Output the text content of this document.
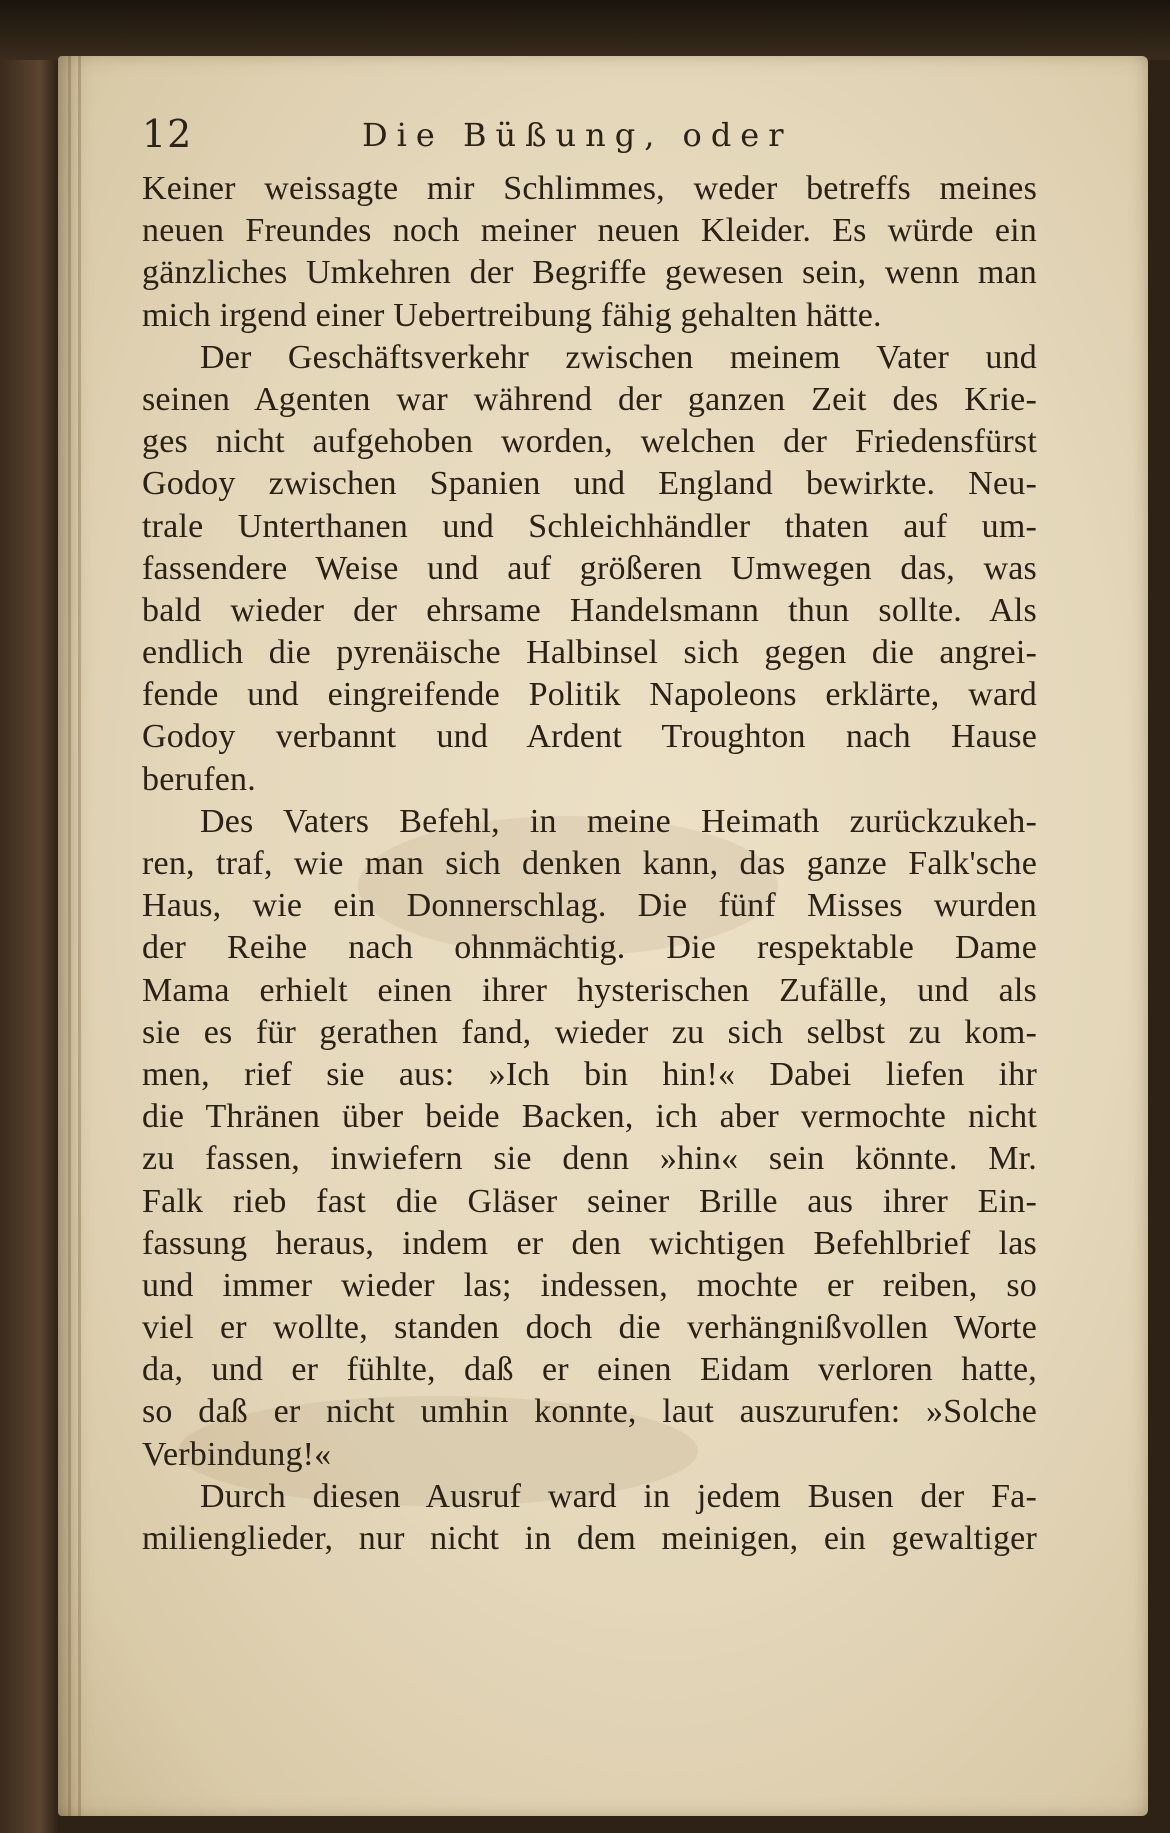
12	Die Büßung, oder
Keiner weissagte mir Schlimmes, weder betreffs meines
neuen Freundes noch meiner neuen Kleider. Es würde ein
gänzliches Umkehren der Begriffe gewesen sein, wenn man
mich irgend einer Uebertreibung fähig gehalten hätte.
Der Geschäftsverkehr zwischen meinem Vater und
seinen Agenten war während der ganzen Zeit des Krie-
ges nicht aufgehoben worden, welchen der Friedensfürst
Godoy zwischen Spanien und England bewirkte. Neu-
trale Unterthanen und Schleichhändler thaten auf um-
fassendere Weise und auf größeren Umwegen das, was
bald wieder der ehrsame Handelsmann thun sollte. Als
endlich die pyrenäische Halbinsel sich gegen die angrei-
fende und eingreifende Politik Napoleons erklärte, ward
Godoy verbannt und Ardent Troughton nach Hause
berufen.
Des Vaters Befehl, in meine Heimath zurückzukeh-
ren, traf, wie man sich denken kann, das ganze Falk'sche
Haus, wie ein Donnerschlag. Die fünf Misses wurden
der Reihe nach ohnmächtig. Die respektable Dame
Mama erhielt einen ihrer hysterischen Zufälle, und als
sie es für gerathen fand, wieder zu sich selbst zu kom-
men, rief sie aus: »Ich bin hin!« Dabei liefen ihr
die Thränen über beide Backen, ich aber vermochte nicht
zu fassen, inwiefern sie denn »hin« sein könnte. Mr.
Falk rieb fast die Gläser seiner Brille aus ihrer Ein-
fassung heraus, indem er den wichtigen Befehlbrief las
und immer wieder las; indessen, mochte er reiben, so
viel er wollte, standen doch die verhängnißvollen Worte
da, und er fühlte, daß er einen Eidam verloren hatte,
so daß er nicht umhin konnte, laut auszurufen: »Solche
Verbindung!«
Durch diesen Ausruf ward in jedem Busen der Fa-
milienglieder, nur nicht in dem meinigen, ein gewaltiger
